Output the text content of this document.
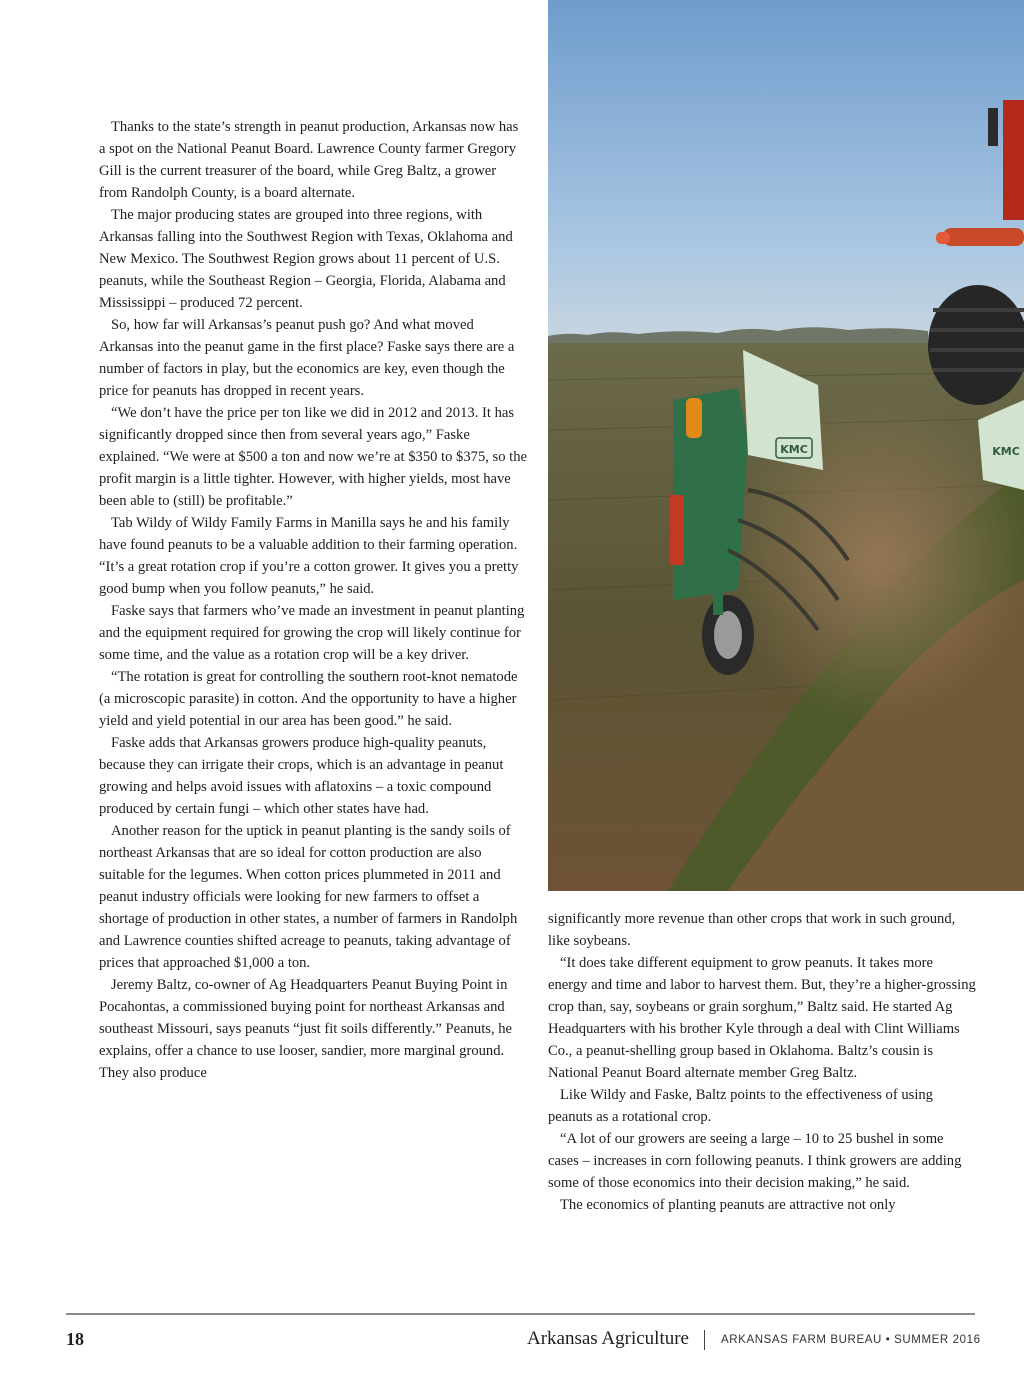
Thanks to the state’s strength in peanut production, Arkansas now has a spot on the National Peanut Board. Lawrence County farmer Gregory Gill is the current treasurer of the board, while Greg Baltz, a grower from Randolph County, is a board alternate.

The major producing states are grouped into three regions, with Arkansas falling into the Southwest Region with Texas, Oklahoma and New Mexico. The Southwest Region grows about 11 percent of U.S. peanuts, while the Southeast Region – Georgia, Florida, Alabama and Mississippi – produced 72 percent.

So, how far will Arkansas’s peanut push go? And what moved Arkansas into the peanut game in the first place? Faske says there are a number of factors in play, but the economics are key, even though the price for peanuts has dropped in recent years.

“We don’t have the price per ton like we did in 2012 and 2013. It has significantly dropped since then from several years ago,” Faske explained. “We were at $500 a ton and now we’re at $350 to $375, so the profit margin is a little tighter. However, with higher yields, most have been able to (still) be profitable.”

Tab Wildy of Wildy Family Farms in Manilla says he and his family have found peanuts to be a valuable addition to their farming operation. “It’s a great rotation crop if you’re a cotton grower. It gives you a pretty good bump when you follow peanuts,” he said.

Faske says that farmers who’ve made an investment in peanut planting and the equipment required for growing the crop will likely continue for some time, and the value as a rotation crop will be a key driver.

“The rotation is great for controlling the southern root-knot nematode (a microscopic parasite) in cotton. And the opportunity to have a higher yield and yield potential in our area has been good.” he said.

Faske adds that Arkansas growers produce high-quality peanuts, because they can irrigate their crops, which is an advantage in peanut growing and helps avoid issues with aflatoxins – a toxic compound produced by certain fungi – which other states have had.

Another reason for the uptick in peanut planting is the sandy soils of northeast Arkansas that are so ideal for cotton production are also suitable for the legumes. When cotton prices plummeted in 2011 and peanut industry officials were looking for new farmers to offset a shortage of production in other states, a number of farmers in Randolph and Lawrence counties shifted acreage to peanuts, taking advantage of prices that approached $1,000 a ton.

Jeremy Baltz, co-owner of Ag Headquarters Peanut Buying Point in Pocahontas, a commissioned buying point for northeast Arkansas and southeast Missouri, says peanuts “just fit soils differently.” Peanuts, he explains, offer a chance to use looser, sandier, more marginal ground. They also produce

KMC	KMC

significantly more revenue than other crops that work in such ground, like soybeans.

“It does take different equipment to grow peanuts. It takes more energy and time and labor to harvest them. But, they’re a higher-grossing crop than, say, soybeans or grain sorghum,” Baltz said. He started Ag Headquarters with his brother Kyle through a deal with Clint Williams Co., a peanut-shelling group based in Oklahoma. Baltz’s cousin is National Peanut Board alternate member Greg Baltz.

Like Wildy and Faske, Baltz points to the effectiveness of using peanuts as a rotational crop.

“A lot of our growers are seeing a large – 10 to 25 bushel in some cases – increases in corn following peanuts. I think growers are adding some of those economics into their decision making,” he said.

The economics of planting peanuts are attractive not only

18	Arkansas Agriculture	ARKANSAS FARM BUREAU • SUMMER 2016
